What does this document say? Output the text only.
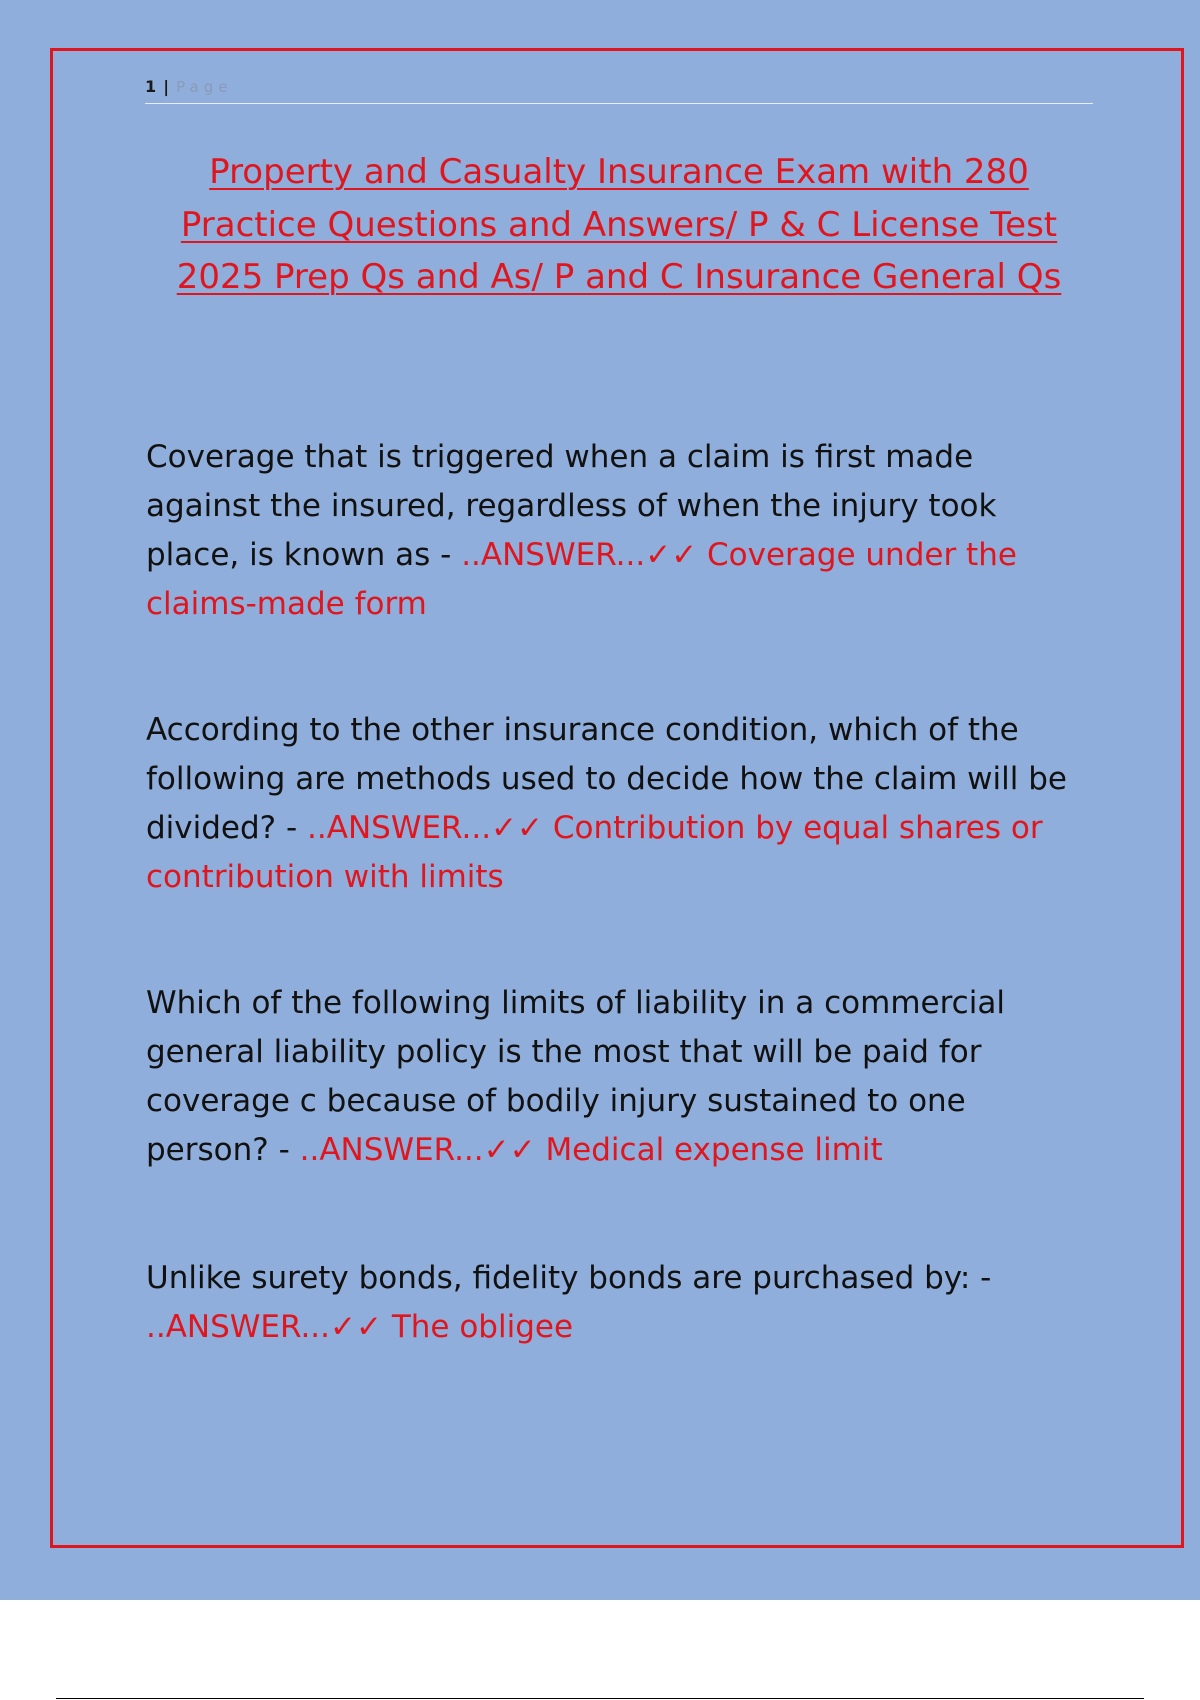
1 | Page
Property and Casualty Insurance Exam with 280 Practice Questions and Answers/ P & C License Test 2025 Prep Qs and As/ P and C Insurance General Qs

Coverage that is triggered when a claim is first made against the insured, regardless of when the injury took place, is known as - ..ANSWER...✓✓ Coverage under the claims-made form

According to the other insurance condition, which of the following are methods used to decide how the claim will be divided? - ..ANSWER...✓✓ Contribution by equal shares or contribution with limits

Which of the following limits of liability in a commercial general liability policy is the most that will be paid for coverage c because of bodily injury sustained to one person? - ..ANSWER...✓✓ Medical expense limit

Unlike surety bonds, fidelity bonds are purchased by: - ..ANSWER...✓✓ The obligee
